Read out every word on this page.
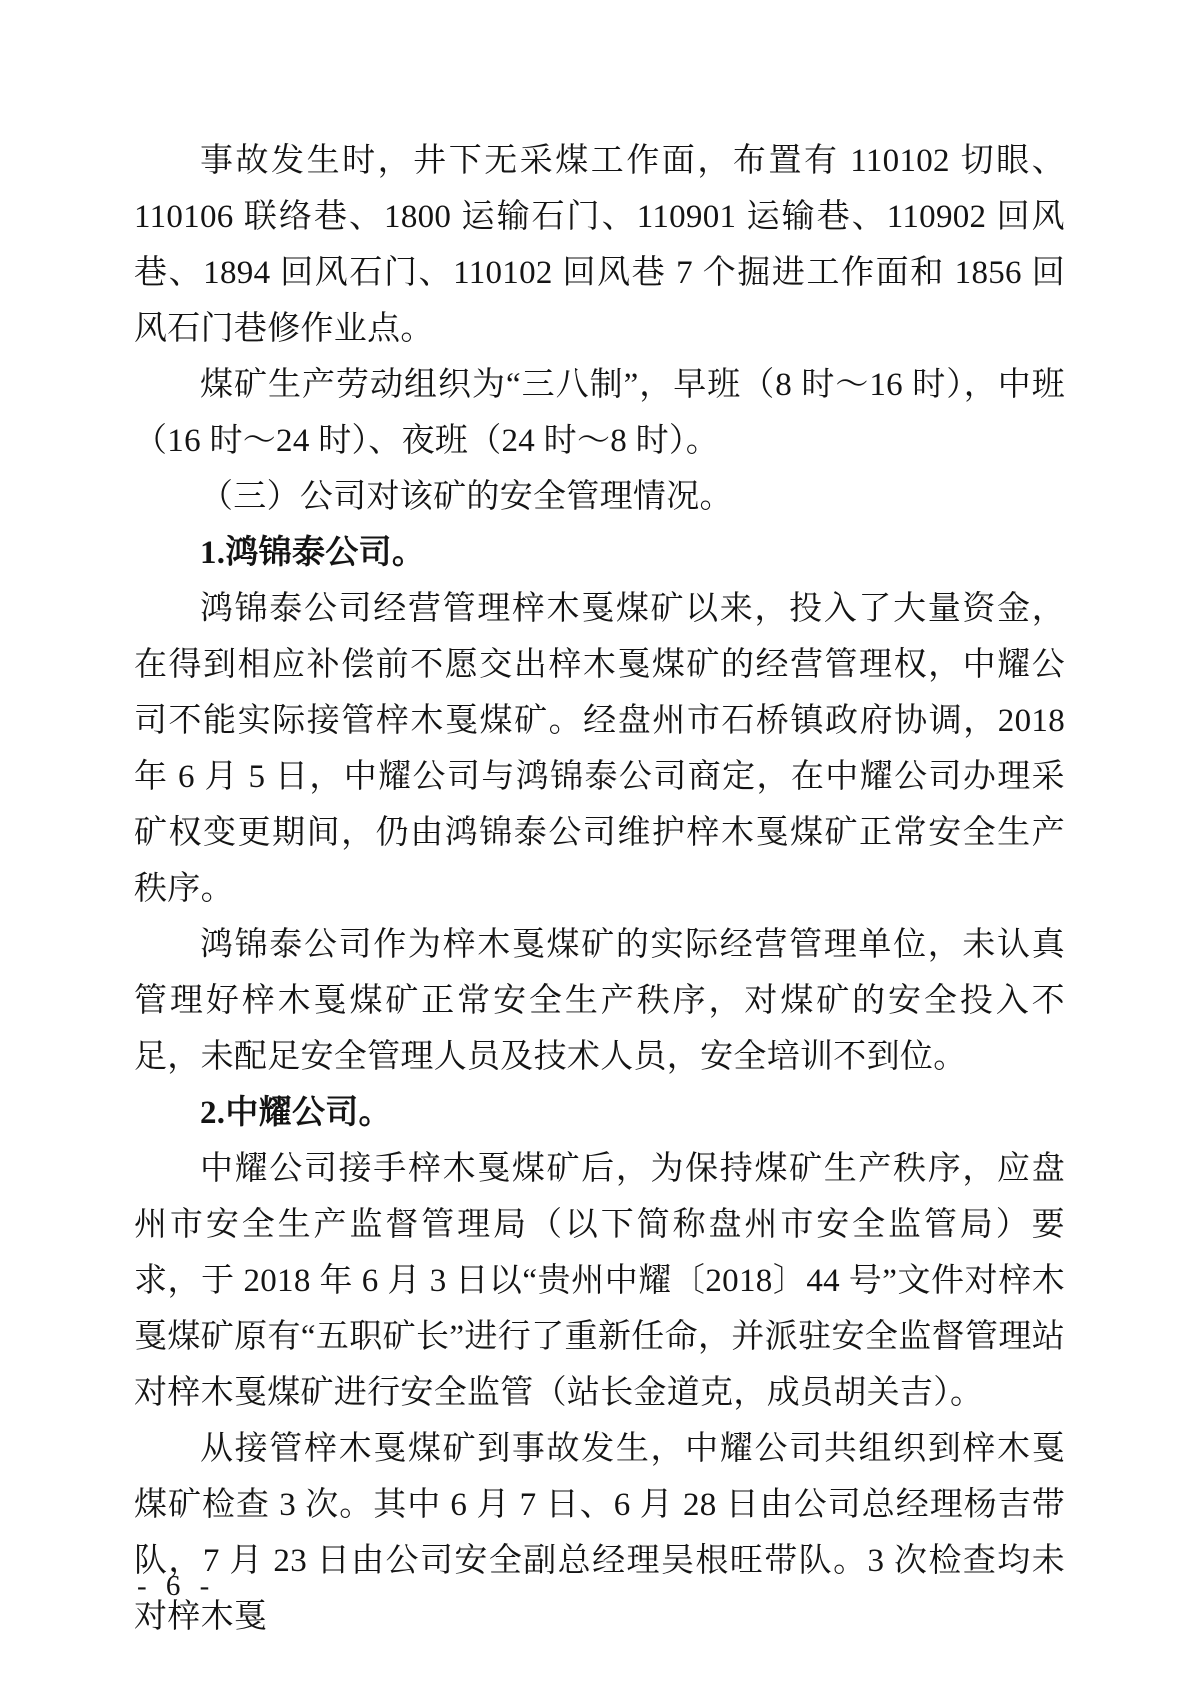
事故发生时，井下无采煤工作面，布置有 110102 切眼、110106 联络巷、1800 运输石门、110901 运输巷、110902 回风巷、1894 回风石门、110102 回风巷 7 个掘进工作面和 1856 回风石门巷修作业点。

煤矿生产劳动组织为“三八制”，早班（8 时～16 时），中班（16 时～24 时）、夜班（24 时～8 时）。

（三）公司对该矿的安全管理情况。

1.鸿锦泰公司。

鸿锦泰公司经营管理梓木戛煤矿以来，投入了大量资金，在得到相应补偿前不愿交出梓木戛煤矿的经营管理权，中耀公司不能实际接管梓木戛煤矿。经盘州市石桥镇政府协调，2018 年 6 月 5 日，中耀公司与鸿锦泰公司商定，在中耀公司办理采矿权变更期间，仍由鸿锦泰公司维护梓木戛煤矿正常安全生产秩序。

鸿锦泰公司作为梓木戛煤矿的实际经营管理单位，未认真管理好梓木戛煤矿正常安全生产秩序，对煤矿的安全投入不足，未配足安全管理人员及技术人员，安全培训不到位。

2.中耀公司。

中耀公司接手梓木戛煤矿后，为保持煤矿生产秩序，应盘州市安全生产监督管理局（以下简称盘州市安全监管局）要求，于 2018 年 6 月 3 日以“贵州中耀〔2018〕44 号”文件对梓木戛煤矿原有“五职矿长”进行了重新任命，并派驻安全监督管理站对梓木戛煤矿进行安全监管（站长金道克，成员胡关吉）。

从接管梓木戛煤矿到事故发生，中耀公司共组织到梓木戛煤矿检查 3 次。其中 6 月 7 日、6 月 28 日由公司总经理杨吉带队，7 月 23 日由公司安全副总经理吴根旺带队。3 次检查均未对梓木戛

- 6 -
